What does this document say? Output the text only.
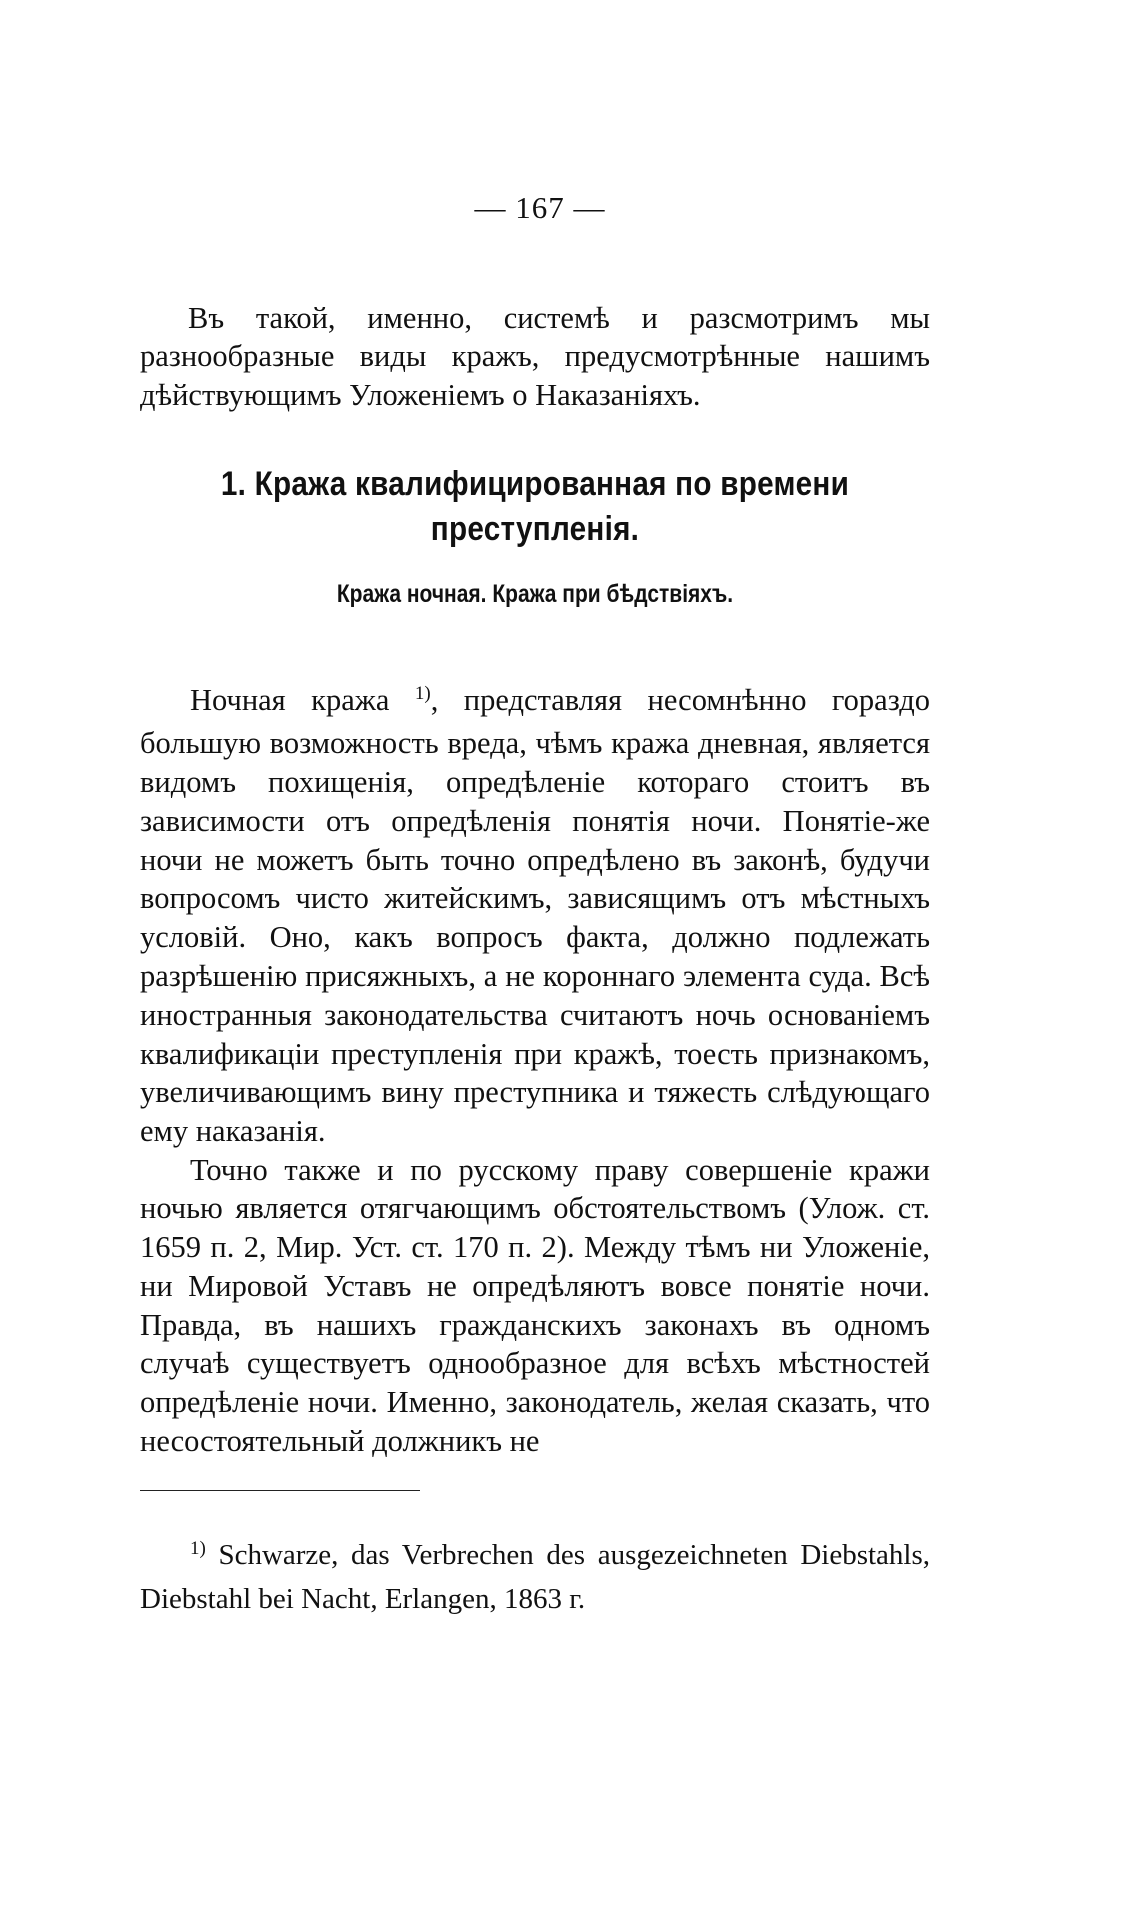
— 167 —

Въ такой, именно, системѣ и разсмотримъ мы разнообразные виды кражъ, предусмотрѣнные нашимъ дѣйствующимъ Уложеніемъ о Наказаніяхъ.

1. Кража квалифицированная по времени преступленія.
Кража ночная. Кража при бѣдствіяхъ.

Ночная кража $^{1)}$, представляя несомнѣнно гораздо большую возможность вреда, чѣмъ кража дневная, является видомъ похищенія, опредѣленіе котораго стоитъ въ зависимости отъ опредѣленія понятія ночи. Понятіе-же ночи не можетъ быть точно опредѣлено въ законѣ, будучи вопросомъ чисто житейскимъ, зависящимъ отъ мѣстныхъ условій. Оно, какъ вопросъ факта, должно подлежать разрѣшенію присяжныхъ, а не короннаго элемента суда. Всѣ иностранныя законодательства считаютъ ночь основаніемъ квалификаціи преступленія при кражѣ, тоесть признакомъ, увеличивающимъ вину преступника и тяжесть слѣдующаго ему наказанія.

Точно также и по русскому праву совершеніе кражи ночью является отягчающимъ обстоятельствомъ (Улож. ст. 1659 п. 2, Мир. Уст. ст. 170 п. 2). Между тѣмъ ни Уложеніе, ни Мировой Уставъ не опредѣляютъ вовсе понятіе ночи. Правда, въ нашихъ гражданскихъ законахъ въ одномъ случаѣ существуетъ однообразное для всѣхъ мѣстностей опредѣленіе ночи. Именно, законодатель, желая сказать, что несостоятельный должникъ не

$^{1)}$ Schwarze, das Verbrechen des ausgezeichneten Diebstahls, Diebstahl bei Nacht, Erlangen, 1863 г.
